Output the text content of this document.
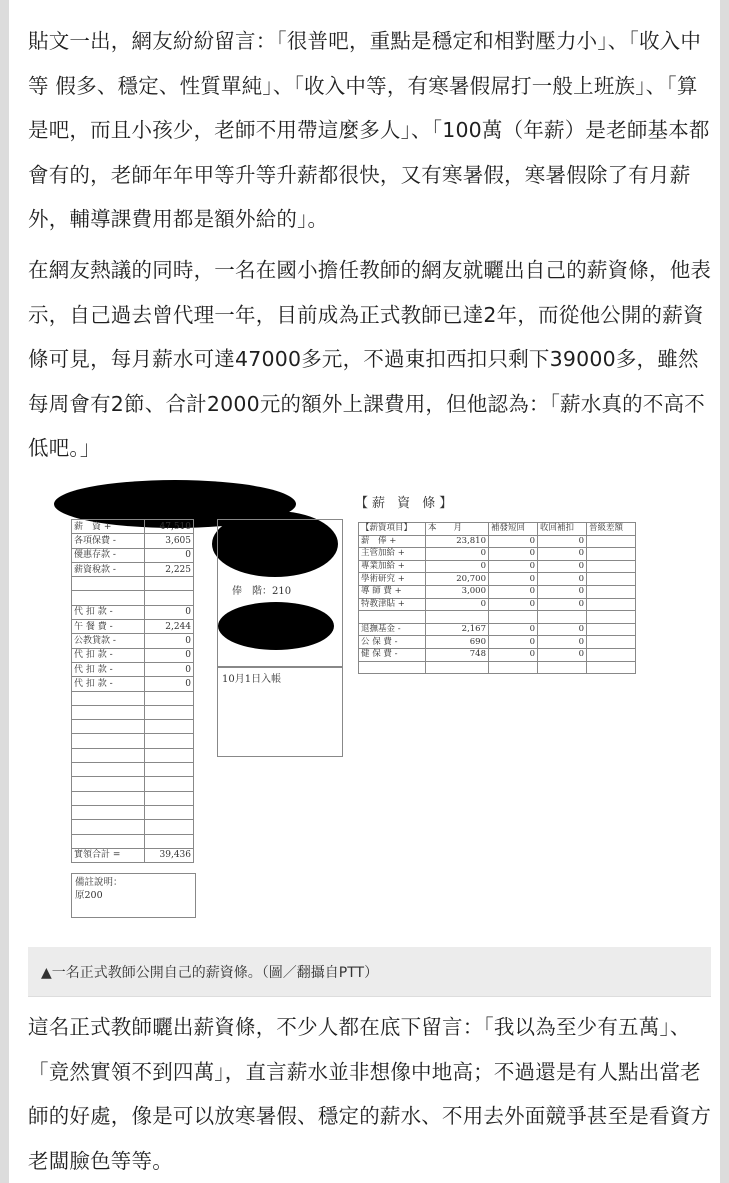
貼文一出，網友紛紛留言：「很普吧，重點是穩定和相對壓力小」、「收入中等 假多、穩定、性質單純」、「收入中等，有寒暑假屌打一般上班族」、「算是吧，而且小孩少，老師不用帶這麼多人」、「100萬（年薪）是老師基本都會有的，老師年年甲等升等升薪都很快，又有寒暑假，寒暑假除了有月薪外，輔導課費用都是額外給的」。

在網友熱議的同時，一名在國小擔任教師的網友就曬出自己的薪資條，他表示，自己過去曾代理一年，目前成為正式教師已達2年，而從他公開的薪資條可見，每月薪水可達47000多元，不過東扣西扣只剩下39000多，雖然每周會有2節、合計2000元的額外上課費用，但他認為：「薪水真的不高不低吧。」

這名正式教師曬出薪資條，不少人都在底下留言：「我以為至少有五萬」、「竟然實領不到四萬」，直言薪水並非想像中地高；不過還是有人點出當老師的好處，像是可以放寒暑假、穩定的薪水、不用去外面競爭甚至是看資方老闆臉色等等。

薪　資 +	47,510
各項保費 -	3,605
優惠存款 -	0
薪資稅款 -	2,225

代 扣 款 -	0
午 餐 費 -	2,244
公教貸款 -	0
代 扣 款 -	0
代 扣 款 -	0
代 扣 款 -	0

實領合計 =	39,436
俸　階：210
10月1日入帳
【薪 資 條】
【薪資項目】	本　　月	補發短回	收回補扣	晉級差額
薪　俸 +	23,810	0	0	
主管加給 +	0	0	0	
專業加給 +	0	0	0	
學術研究 +	20,700	0	0	
導 師 費 +	3,000	0	0	
特教津貼 +	0	0	0	

退撫基金 -	2,167	0	0	
公 保 費 -	690	0	0	
健 保 費 -	748	0	0	

備註說明：
原200
▲一名正式教師公開自己的薪資條。（圖／翻攝自PTT）
